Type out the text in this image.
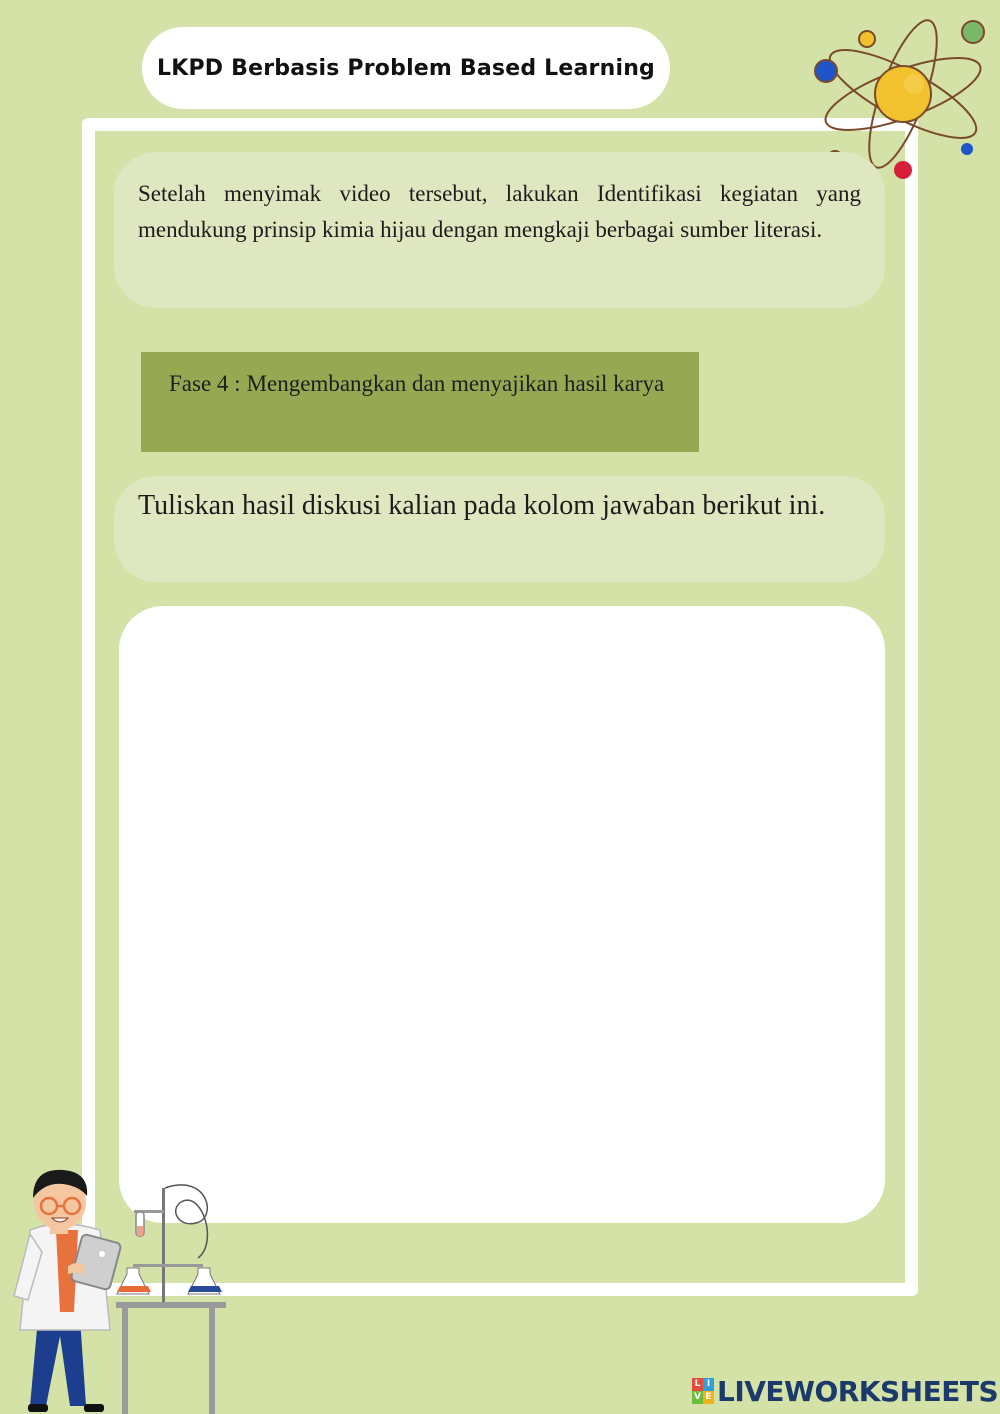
LKPD Berbasis Problem Based Learning

Setelah menyimak video tersebut, lakukan Identifikasi kegiatan yang mendukung prinsip kimia hijau dengan mengkaji berbagai sumber literasi.

Fase 4 : Mengembangkan dan menyajikan hasil karya

Tuliskan hasil diskusi kalian pada kolom jawaban berikut ini.

L I
V E LIVEWORKSHEETS
